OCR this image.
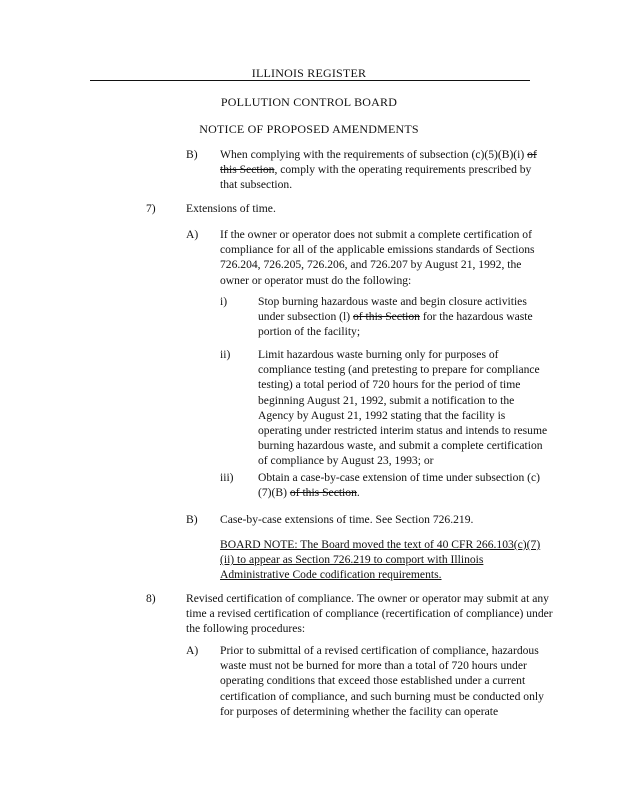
ILLINOIS REGISTER
POLLUTION CONTROL BOARD
NOTICE OF PROPOSED AMENDMENTS
B) When complying with the requirements of subsection (c)(5)(B)(i) of this Section, comply with the operating requirements prescribed by that subsection.
7)	Extensions of time.
A) If the owner or operator does not submit a complete certification of compliance for all of the applicable emissions standards of Sections 726.204, 726.205, 726.206, and 726.207 by August 21, 1992, the owner or operator must do the following:
i)	Stop burning hazardous waste and begin closure activities under subsection (l) of this Section for the hazardous waste portion of the facility;
ii) Limit hazardous waste burning only for purposes of compliance testing (and pretesting to prepare for compliance testing) a total period of 720 hours for the period of time beginning August 21, 1992, submit a notification to the Agency by August 21, 1992 stating that the facility is operating under restricted interim status and intends to resume burning hazardous waste, and submit a complete certification of compliance by August 23, 1993; or
iii) Obtain a case-by-case extension of time under subsection (c)(7)(B) of this Section.
B) Case-by-case extensions of time. See Section 726.219.
BOARD NOTE: The Board moved the text of 40 CFR 266.103(c)(7)(ii) to appear as Section 726.219 to comport with Illinois Administrative Code codification requirements.
8)	Revised certification of compliance. The owner or operator may submit at any time a revised certification of compliance (recertification of compliance) under the following procedures:
A) Prior to submittal of a revised certification of compliance, hazardous waste must not be burned for more than a total of 720 hours under operating conditions that exceed those established under a current certification of compliance, and such burning must be conducted only for purposes of determining whether the facility can operate
